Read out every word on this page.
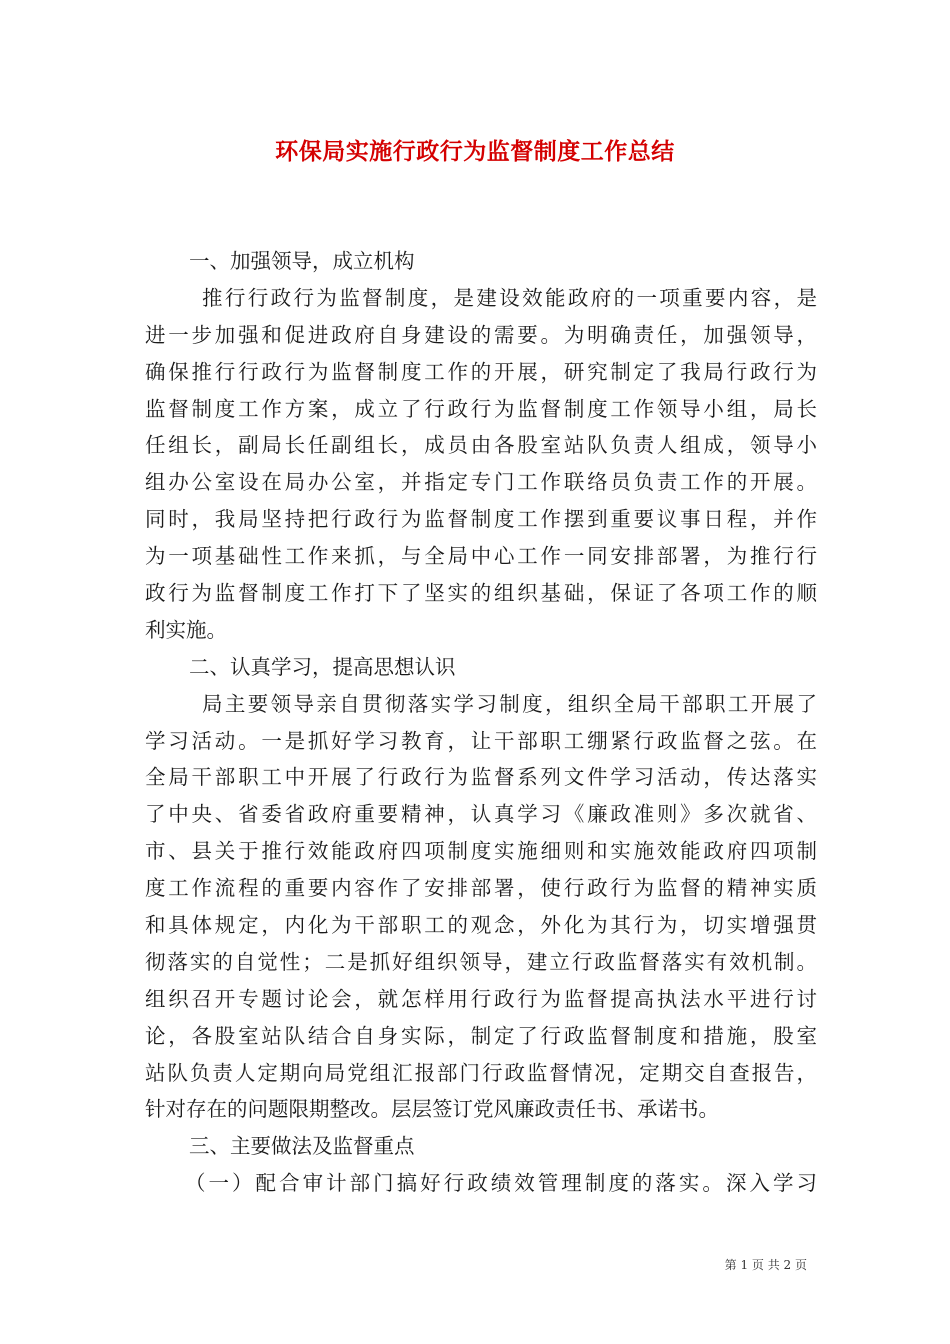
环保局实施行政行为监督制度工作总结
一、加强领导，成立机构
推行行政行为监督制度，是建设效能政府的一项重要内容，是
进一步加强和促进政府自身建设的需要。为明确责任，加强领导，
确保推行行政行为监督制度工作的开展，研究制定了我局行政行为
监督制度工作方案，成立了行政行为监督制度工作领导小组，局长
任组长，副局长任副组长，成员由各股室站队负责人组成，领导小
组办公室设在局办公室，并指定专门工作联络员负责工作的开展。
同时，我局坚持把行政行为监督制度工作摆到重要议事日程，并作
为一项基础性工作来抓，与全局中心工作一同安排部署，为推行行
政行为监督制度工作打下了坚实的组织基础，保证了各项工作的顺
利实施。
二、认真学习，提高思想认识
局主要领导亲自贯彻落实学习制度，组织全局干部职工开展了
学习活动。一是抓好学习教育，让干部职工绷紧行政监督之弦。在
全局干部职工中开展了行政行为监督系列文件学习活动，传达落实
了中央、省委省政府重要精神，认真学习《廉政准则》多次就省、
市、县关于推行效能政府四项制度实施细则和实施效能政府四项制
度工作流程的重要内容作了安排部署，使行政行为监督的精神实质
和具体规定，内化为干部职工的观念，外化为其行为，切实增强贯
彻落实的自觉性；二是抓好组织领导，建立行政监督落实有效机制。
组织召开专题讨论会，就怎样用行政行为监督提高执法水平进行讨
论，各股室站队结合自身实际，制定了行政监督制度和措施，股室
站队负责人定期向局党组汇报部门行政监督情况，定期交自查报告，
针对存在的问题限期整改。层层签订党风廉政责任书、承诺书。
三、主要做法及监督重点
（一）配合审计部门搞好行政绩效管理制度的落实。深入学习
第 1 页 共 2 页
